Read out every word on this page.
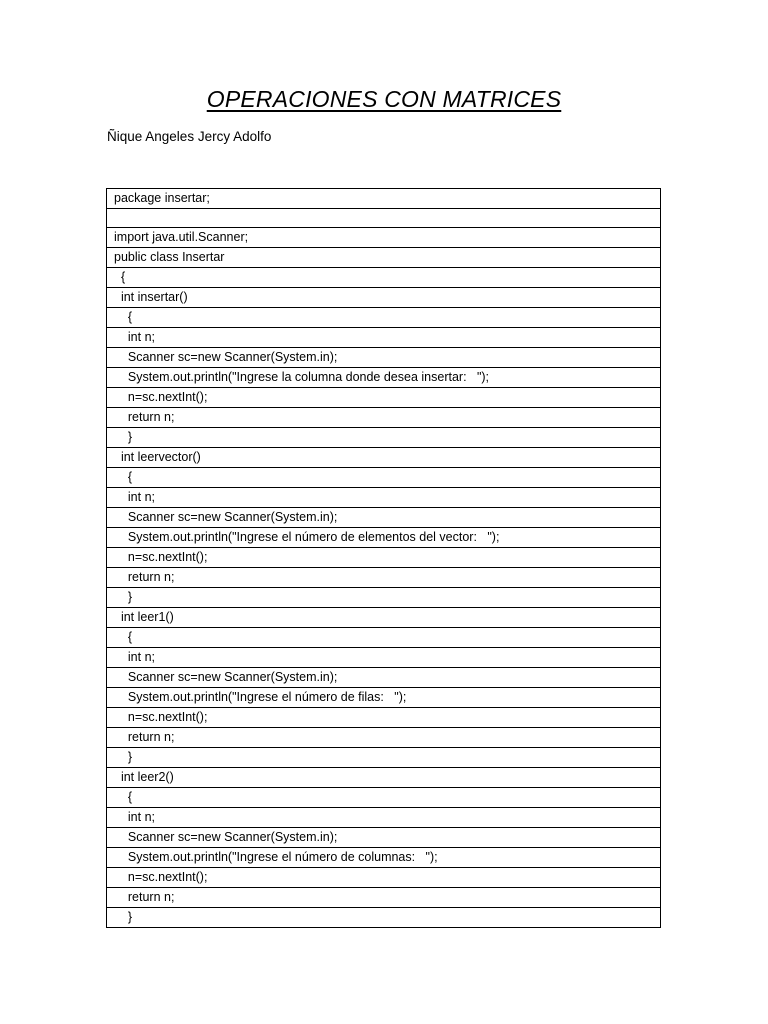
OPERACIONES CON MATRICES
Ñique Angeles Jercy Adolfo
package insertar;

import java.util.Scanner;
public class Insertar
{
int insertar()
{
int n;
Scanner sc=new Scanner(System.in);
System.out.println("Ingrese la columna donde desea insertar:   ");
n=sc.nextInt();
return n;
}
int leervector()
{
int n;
Scanner sc=new Scanner(System.in);
System.out.println("Ingrese el número de elementos del vector:   ");
n=sc.nextInt();
return n;
}
int leer1()
{
int n;
Scanner sc=new Scanner(System.in);
System.out.println("Ingrese el número de filas:   ");
n=sc.nextInt();
return n;
}
int leer2()
{
int n;
Scanner sc=new Scanner(System.in);
System.out.println("Ingrese el número de columnas:   ");
n=sc.nextInt();
return n;
}
